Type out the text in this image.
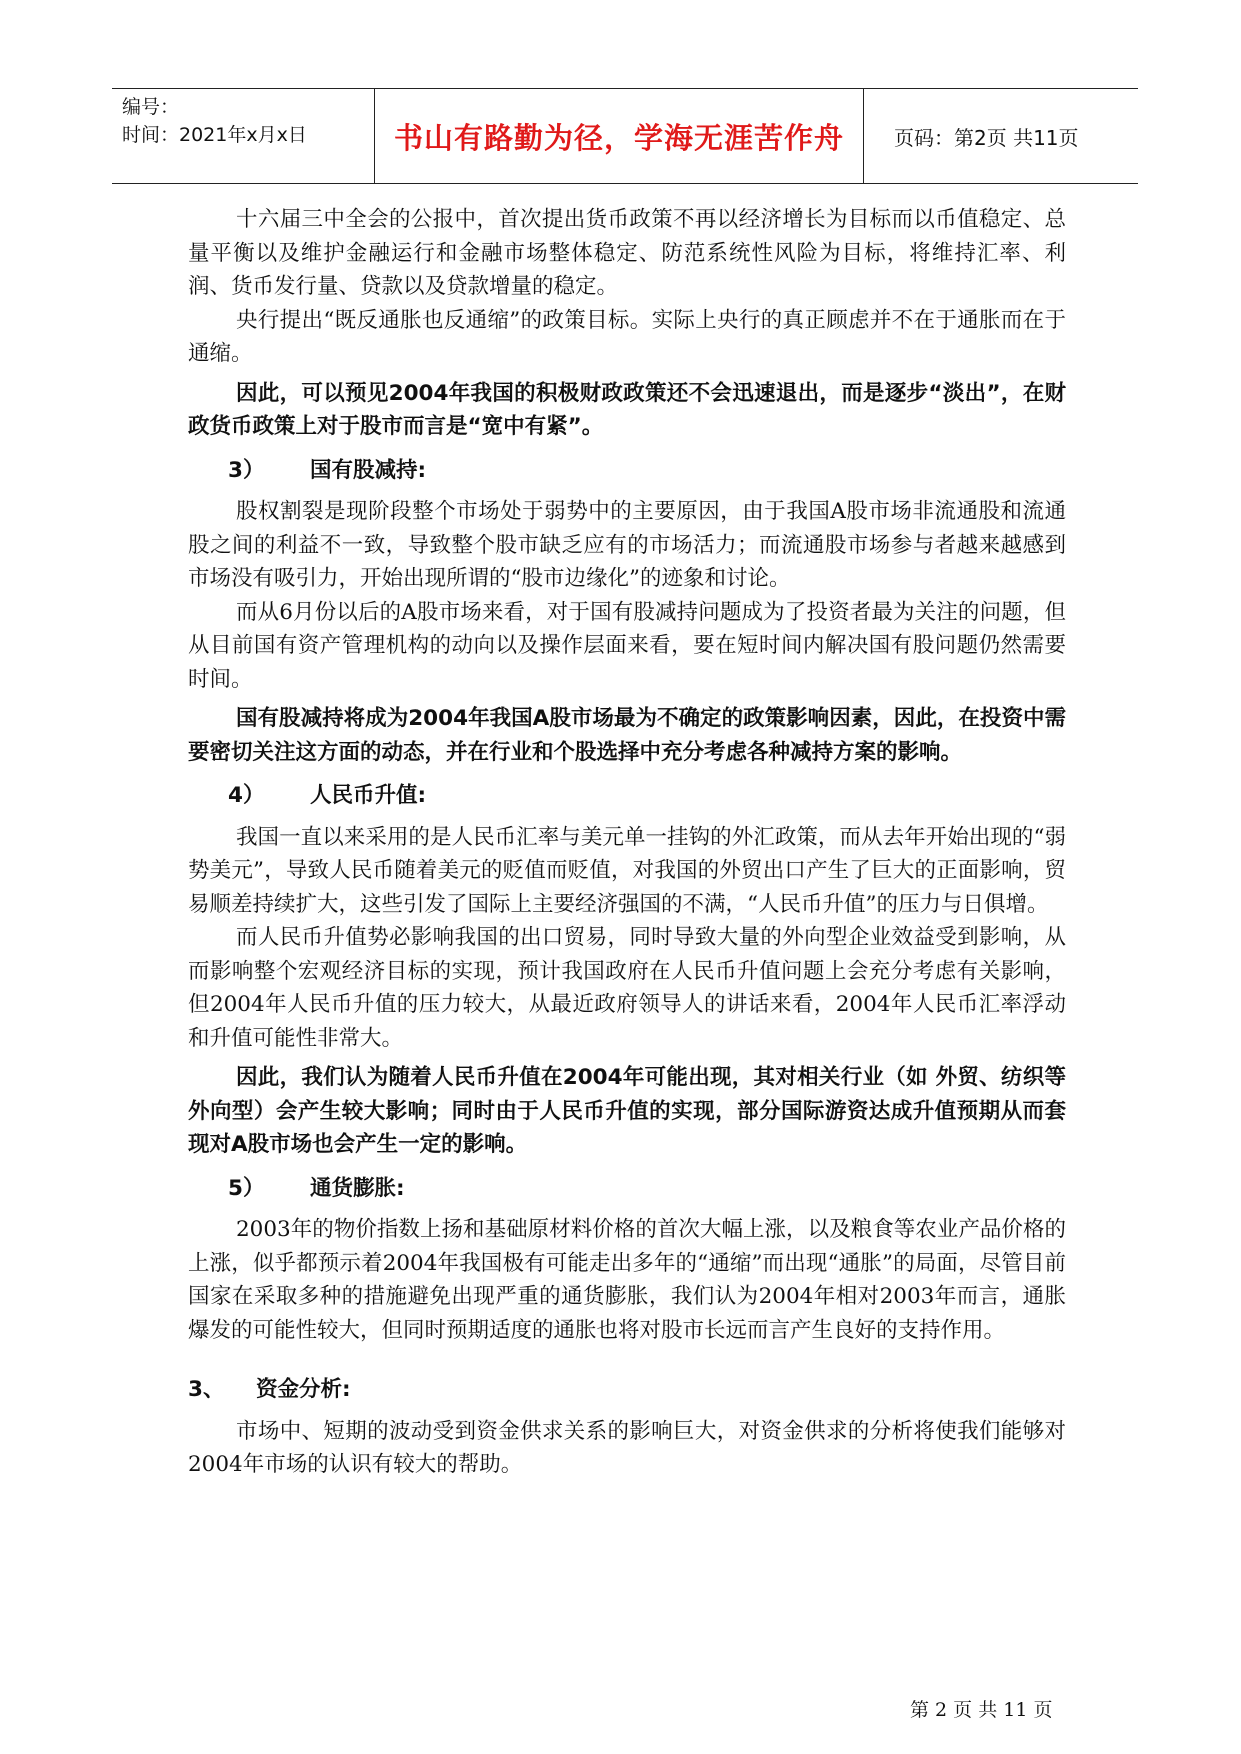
编号：
时间：2021年x月x日	书山有路勤为径，学海无涯苦作舟	页码：第2页 共11页

十六届三中全会的公报中，首次提出货币政策不再以经济增长为目标而以币值稳定、总量平衡以及维护金融运行和金融市场整体稳定、防范系统性风险为目标，将维持汇率、利润、货币发行量、贷款以及贷款增量的稳定。

央行提出“既反通胀也反通缩”的政策目标。实际上央行的真正顾虑并不在于通胀而在于通缩。

因此，可以预见2004年我国的积极财政政策还不会迅速退出，而是逐步“淡出”，在财政货币政策上对于股市而言是“宽中有紧”。

3） 国有股减持:

股权割裂是现阶段整个市场处于弱势中的主要原因，由于我国A股市场非流通股和流通股之间的利益不一致，导致整个股市缺乏应有的市场活力；而流通股市场参与者越来越感到市场没有吸引力，开始出现所谓的“股市边缘化”的迹象和讨论。

而从6月份以后的A股市场来看，对于国有股减持问题成为了投资者最为关注的问题，但从目前国有资产管理机构的动向以及操作层面来看，要在短时间内解决国有股问题仍然需要时间。

国有股减持将成为2004年我国A股市场最为不确定的政策影响因素，因此，在投资中需要密切关注这方面的动态，并在行业和个股选择中充分考虑各种减持方案的影响。

4） 人民币升值:

我国一直以来采用的是人民币汇率与美元单一挂钩的外汇政策，而从去年开始出现的“弱势美元”，导致人民币随着美元的贬值而贬值，对我国的外贸出口产生了巨大的正面影响，贸易顺差持续扩大，这些引发了国际上主要经济强国的不满，“人民币升值”的压力与日俱增。

而人民币升值势必影响我国的出口贸易，同时导致大量的外向型企业效益受到影响，从而影响整个宏观经济目标的实现，预计我国政府在人民币升值问题上会充分考虑有关影响，但2004年人民币升值的压力较大，从最近政府领导人的讲话来看，2004年人民币汇率浮动和升值可能性非常大。

因此，我们认为随着人民币升值在2004年可能出现，其对相关行业（如 外贸、纺织等外向型）会产生较大影响；同时由于人民币升值的实现，部分国际游资达成升值预期从而套现对A股市场也会产生一定的影响。

5） 通货膨胀:

2003年的物价指数上扬和基础原材料价格的首次大幅上涨，以及粮食等农业产品价格的上涨，似乎都预示着2004年我国极有可能走出多年的“通缩”而出现“通胀”的局面，尽管目前国家在采取多种的措施避免出现严重的通货膨胀，我们认为2004年相对2003年而言，通胀爆发的可能性较大，但同时预期适度的通胀也将对股市长远而言产生良好的支持作用。

3、 资金分析:

市场中、短期的波动受到资金供求关系的影响巨大，对资金供求的分析将使我们能够对2004年市场的认识有较大的帮助。

第 2 页 共 11 页
